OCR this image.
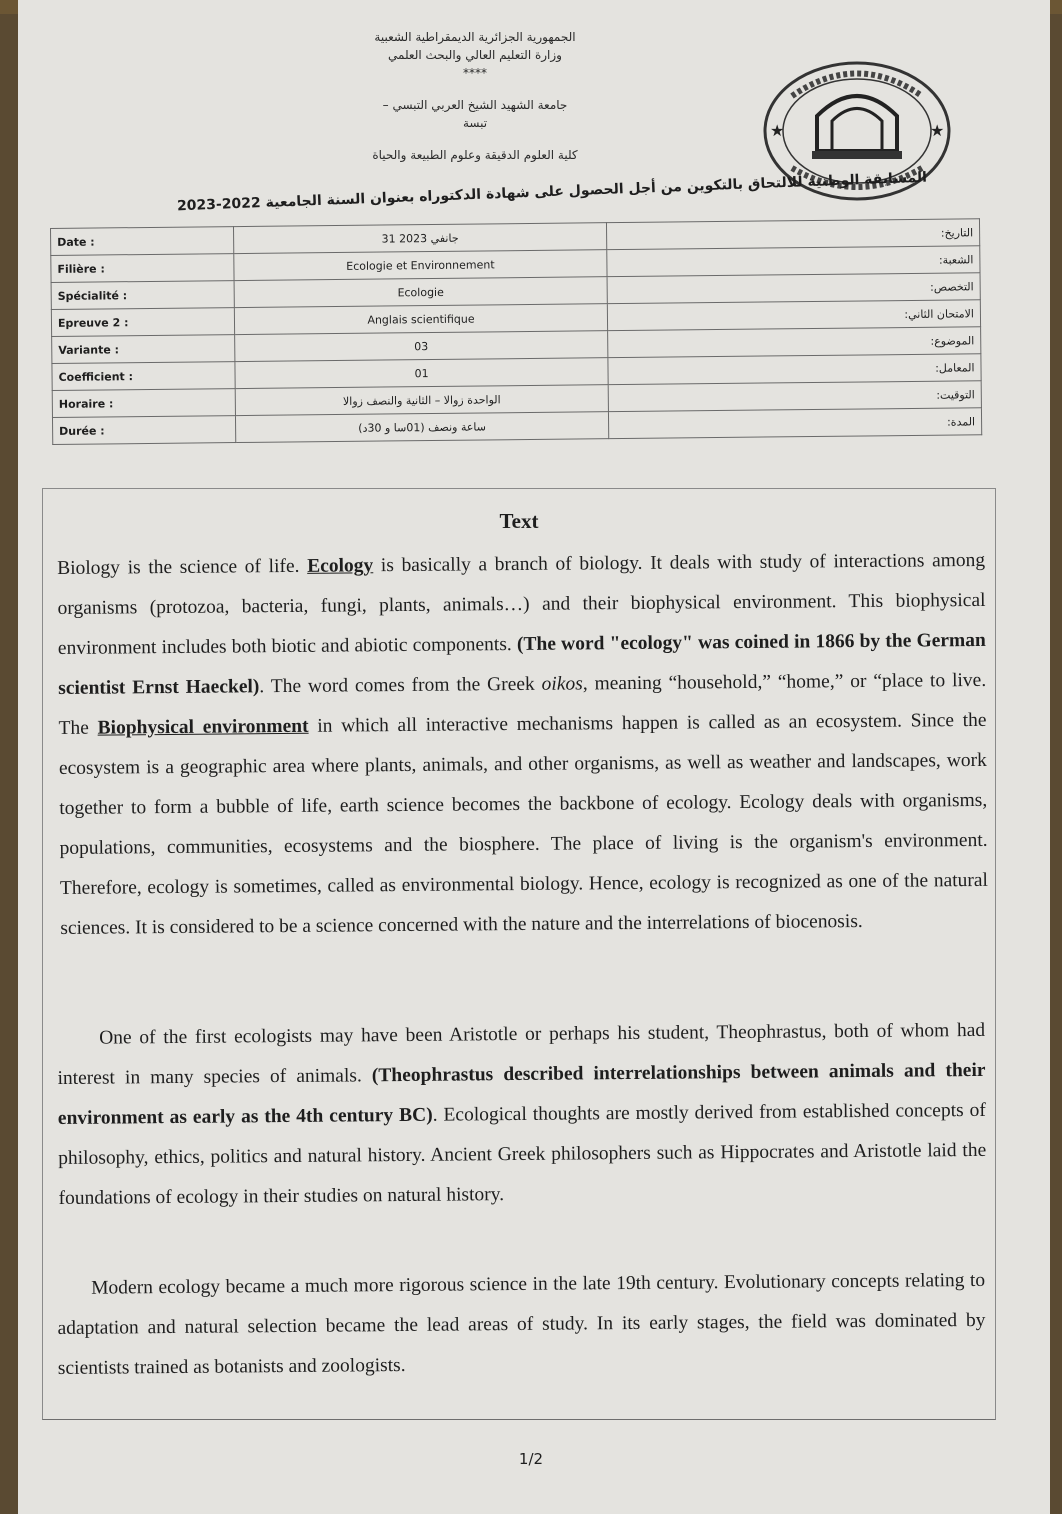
الجمهورية الجزائرية الديمقراطية الشعبية
وزارة التعليم العالي والبحث العلمي
****
جامعة الشهيد الشيخ العربي التبسي –
تبسة
كلية العلوم الدقيقة وعلوم الطبيعة والحياة
★	★
المسابقة الوطنية للالتحاق بالتكوين من أجل الحصول على شهادة الدكتوراه بعنوان السنة الجامعية 2022-2023
Date :	31 جانفي 2023	التاريخ:

Filière :	Ecologie et Environnement	الشعبة:

Spécialité :	Ecologie	التخصص:

Epreuve 2 :	Anglais scientifique	الامتحان الثاني:

Variante :	03	الموضوع:

Coefficient :	01	المعامل:

Horaire :	الواحدة زوالا – الثانية والنصف زوالا	التوقيت:

Durée :	ساعة ونصف (01سا و 30د)	المدة:
Text
Biology is the science of life. Ecology is basically a branch of biology. It deals with study of interactions among organisms (protozoa, bacteria, fungi, plants, animals…) and their biophysical environment. This biophysical environment includes both biotic and abiotic components. (The word "ecology" was coined in 1866 by the German scientist Ernst Haeckel). The word comes from the Greek oikos, meaning “household,” “home,” or “place to live. The Biophysical environment in which all interactive mechanisms happen is called as an ecosystem. Since the ecosystem is a geographic area where plants, animals, and other organisms, as well as weather and landscapes, work together to form a bubble of life, earth science becomes the backbone of ecology. Ecology deals with organisms, populations, communities, ecosystems and the biosphere. The place of living is the organism's environment. Therefore, ecology is sometimes, called as environmental biology. Hence, ecology is recognized as one of the natural sciences. It is considered to be a science concerned with the nature and the interrelations of biocenosis.
One of the first ecologists may have been Aristotle or perhaps his student, Theophrastus, both of whom had interest in many species of animals. (Theophrastus described interrelationships between animals and their environment as early as the 4th century BC). Ecological thoughts are mostly derived from established concepts of philosophy, ethics, politics and natural history. Ancient Greek philosophers such as Hippocrates and Aristotle laid the foundations of ecology in their studies on natural history.
Modern ecology became a much more rigorous science in the late 19th century. Evolutionary concepts relating to adaptation and natural selection became the lead areas of study. In its early stages, the field was dominated by scientists trained as botanists and zoologists.
1/2
